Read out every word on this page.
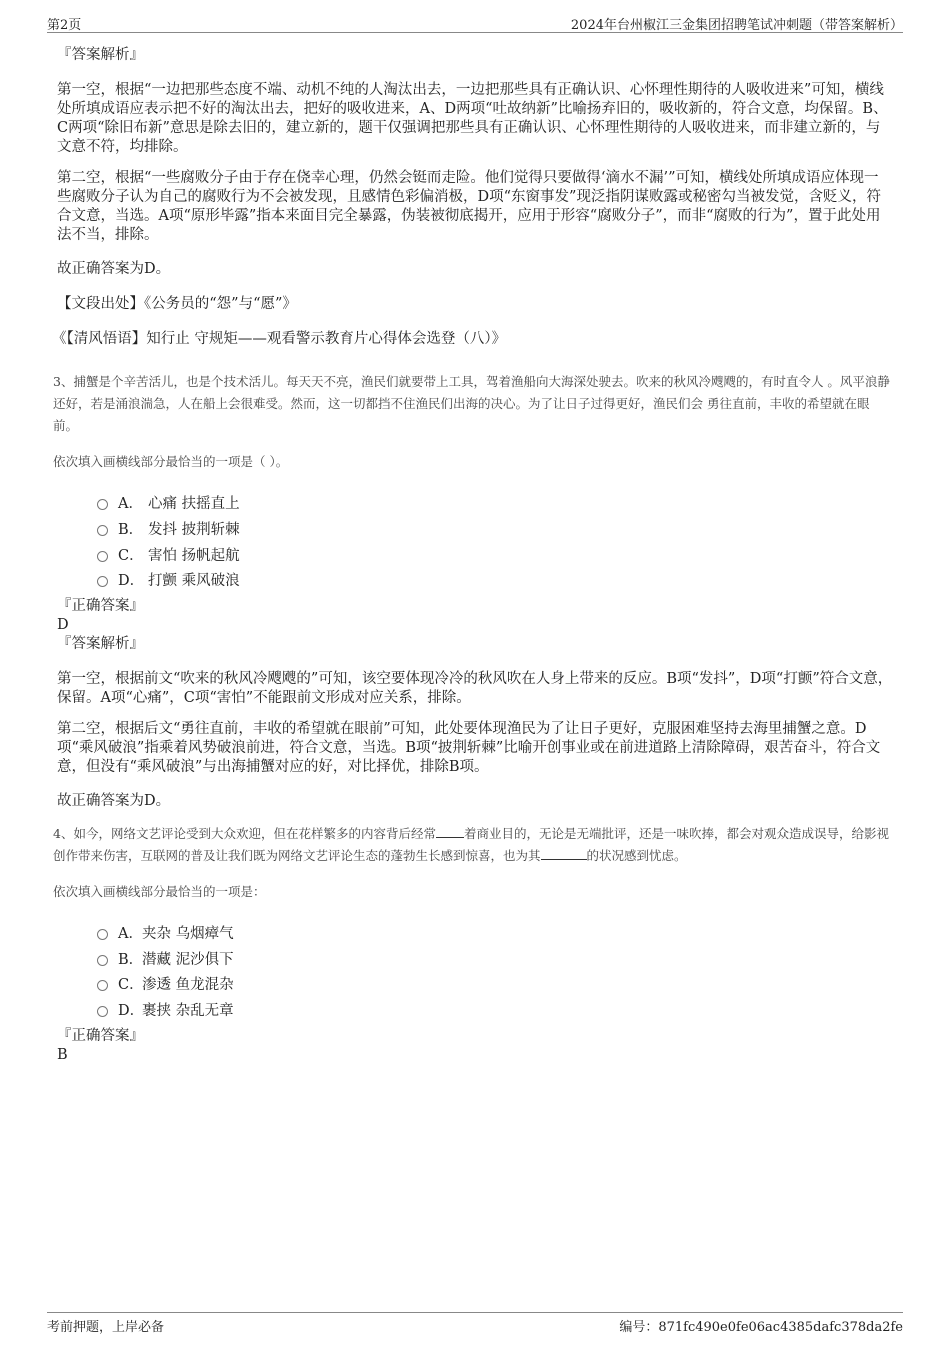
第2页	2024年台州椒江三金集团招聘笔试冲刺题（带答案解析）
『答案解析』

第一空，根据“一边把那些态度不端、动机不纯的人淘汰出去，一边把那些具有正确认识、心怀理性期待的人吸收进来”可知，横线处所填成语应表示把不好的淘汰出去，把好的吸收进来，A、D两项“吐故纳新”比喻扬弃旧的，吸收新的，符合文意，均保留。B、C两项“除旧布新”意思是除去旧的，建立新的，题干仅强调把那些具有正确认识、心怀理性期待的人吸收进来，而非建立新的，与文意不符，均排除。

第二空，根据“一些腐败分子由于存在侥幸心理，仍然会铤而走险。他们觉得只要做得‘滴水不漏’”可知，横线处所填成语应体现一些腐败分子认为自己的腐败行为不会被发现，且感情色彩偏消极，D项“东窗事发”现泛指阴谋败露或秘密勾当被发觉，含贬义，符合文意，当选。A项“原形毕露”指本来面目完全暴露，伪装被彻底揭开，应用于形容“腐败分子”，而非“腐败的行为”，置于此处用法不当，排除。

故正确答案为D。

【文段出处】《公务员的“怨”与“愿”》

《【清风悟语】知行止 守规矩——观看警示教育片心得体会选登（八）》

3、捕蟹是个辛苦活儿，也是个技术活儿。每天天不亮，渔民们就要带上工具，驾着渔船向大海深处驶去。吹来的秋风冷飕飕的，有时直令人 。风平浪静还好，若是涌浪湍急，人在船上会很难受。然而，这一切都挡不住渔民们出海的决心。为了让日子过得更好，渔民们会 勇往直前，丰收的希望就在眼前。

依次填入画横线部分最恰当的一项是（ ）。

A． 心痛 扶摇直上
B． 发抖 披荆斩棘
C． 害怕 扬帆起航
D． 打颤 乘风破浪
『正确答案』
D
『答案解析』

第一空，根据前文“吹来的秋风冷飕飕的”可知，该空要体现冷冷的秋风吹在人身上带来的反应。B项“发抖”，D项“打颤”符合文意，保留。A项“心痛”，C项“害怕”不能跟前文形成对应关系，排除。

第二空，根据后文“勇往直前，丰收的希望就在眼前”可知，此处要体现渔民为了让日子更好，克服困难坚持去海里捕蟹之意。D项“乘风破浪”指乘着风势破浪前进，符合文意，当选。B项“披荆斩棘”比喻开创事业或在前进道路上清除障碍，艰苦奋斗，符合文意，但没有“乘风破浪”与出海捕蟹对应的好，对比择优，排除B项。

故正确答案为D。

4、如今，网络文艺评论受到大众欢迎，但在花样繁多的内容背后经常 着商业目的，无论是无端批评，还是一味吹捧，都会对观众造成误导，给影视创作带来伤害，互联网的普及让我们既为网络文艺评论生态的蓬勃生长感到惊喜，也为其	的状况感到忧虑。

依次填入画横线部分最恰当的一项是：

A． 夹杂 乌烟瘴气
B．
潜藏 泥沙俱下
C．
渗透 鱼龙混杂
D．
裹挟 杂乱无章
『正确答案』
B
考前押题，上岸必备	编号：871fc490e0fe06ac4385dafc378da2fe
